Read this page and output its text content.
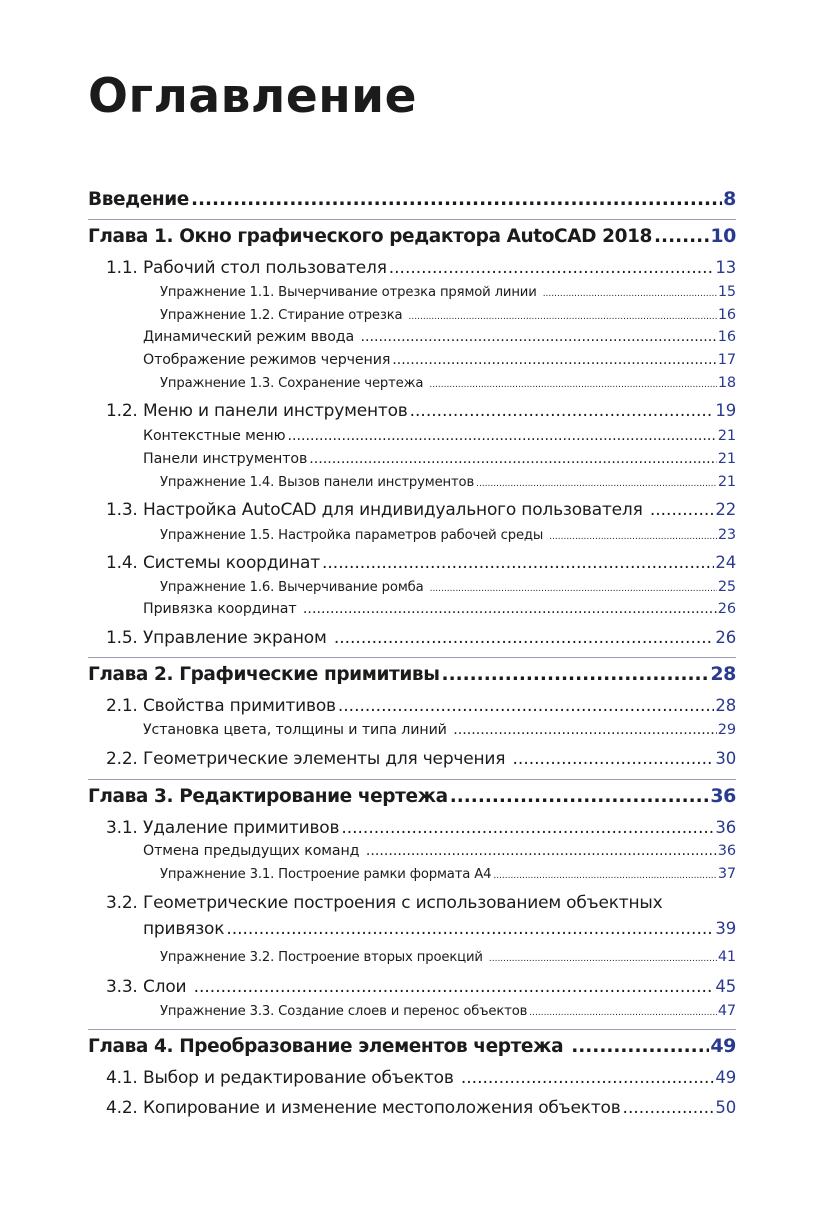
Оглавление
Введение .....	8
Глава 1. Окно графического редактора AutoCAD 2018 .....	10
1.1. Рабочий стол пользователя .....	13
Упражнение 1.1. Вычерчивание отрезка прямой линии .....	15
Упражнение 1.2. Стирание отрезка .....	16
Динамический режим ввода .....	16
Отображение режимов черчения .....	17
Упражнение 1.3. Сохранение чертежа .....	18
1.2. Меню и панели инструментов .....	19
Контекстные меню .....	21
Панели инструментов .....	21
Упражнение 1.4. Вызов панели инструментов .....	21
1.3. Настройка AutoCAD для индивидуального пользователя .....	22
Упражнение 1.5. Настройка параметров рабочей среды .....	23
1.4. Системы координат .....	24
Упражнение 1.6. Вычерчивание ромба .....	25
Привязка координат .....	26
1.5. Управление экраном .....	26
Глава 2. Графические примитивы .....	28
2.1. Свойства примитивов .....	28
Установка цвета, толщины и типа линий .....	29
2.2. Геометрические элементы для черчения .....	30
Глава 3. Редактирование чертежа .....	36
3.1. Удаление примитивов .....	36
Отмена предыдущих команд .....	36
Упражнение 3.1. Построение рамки формата А4 .....	37
3.2. Геометрические построения с использованием объектных
привязок .....	39
Упражнение 3.2. Построение вторых проекций .....	41
3.3. Слои .....	45
Упражнение 3.3. Создание слоев и перенос объектов .....	47
Глава 4. Преобразование элементов чертежа .....	49
4.1. Выбор и редактирование объектов .....	49
4.2. Копирование и изменение местоположения объектов .....	50
